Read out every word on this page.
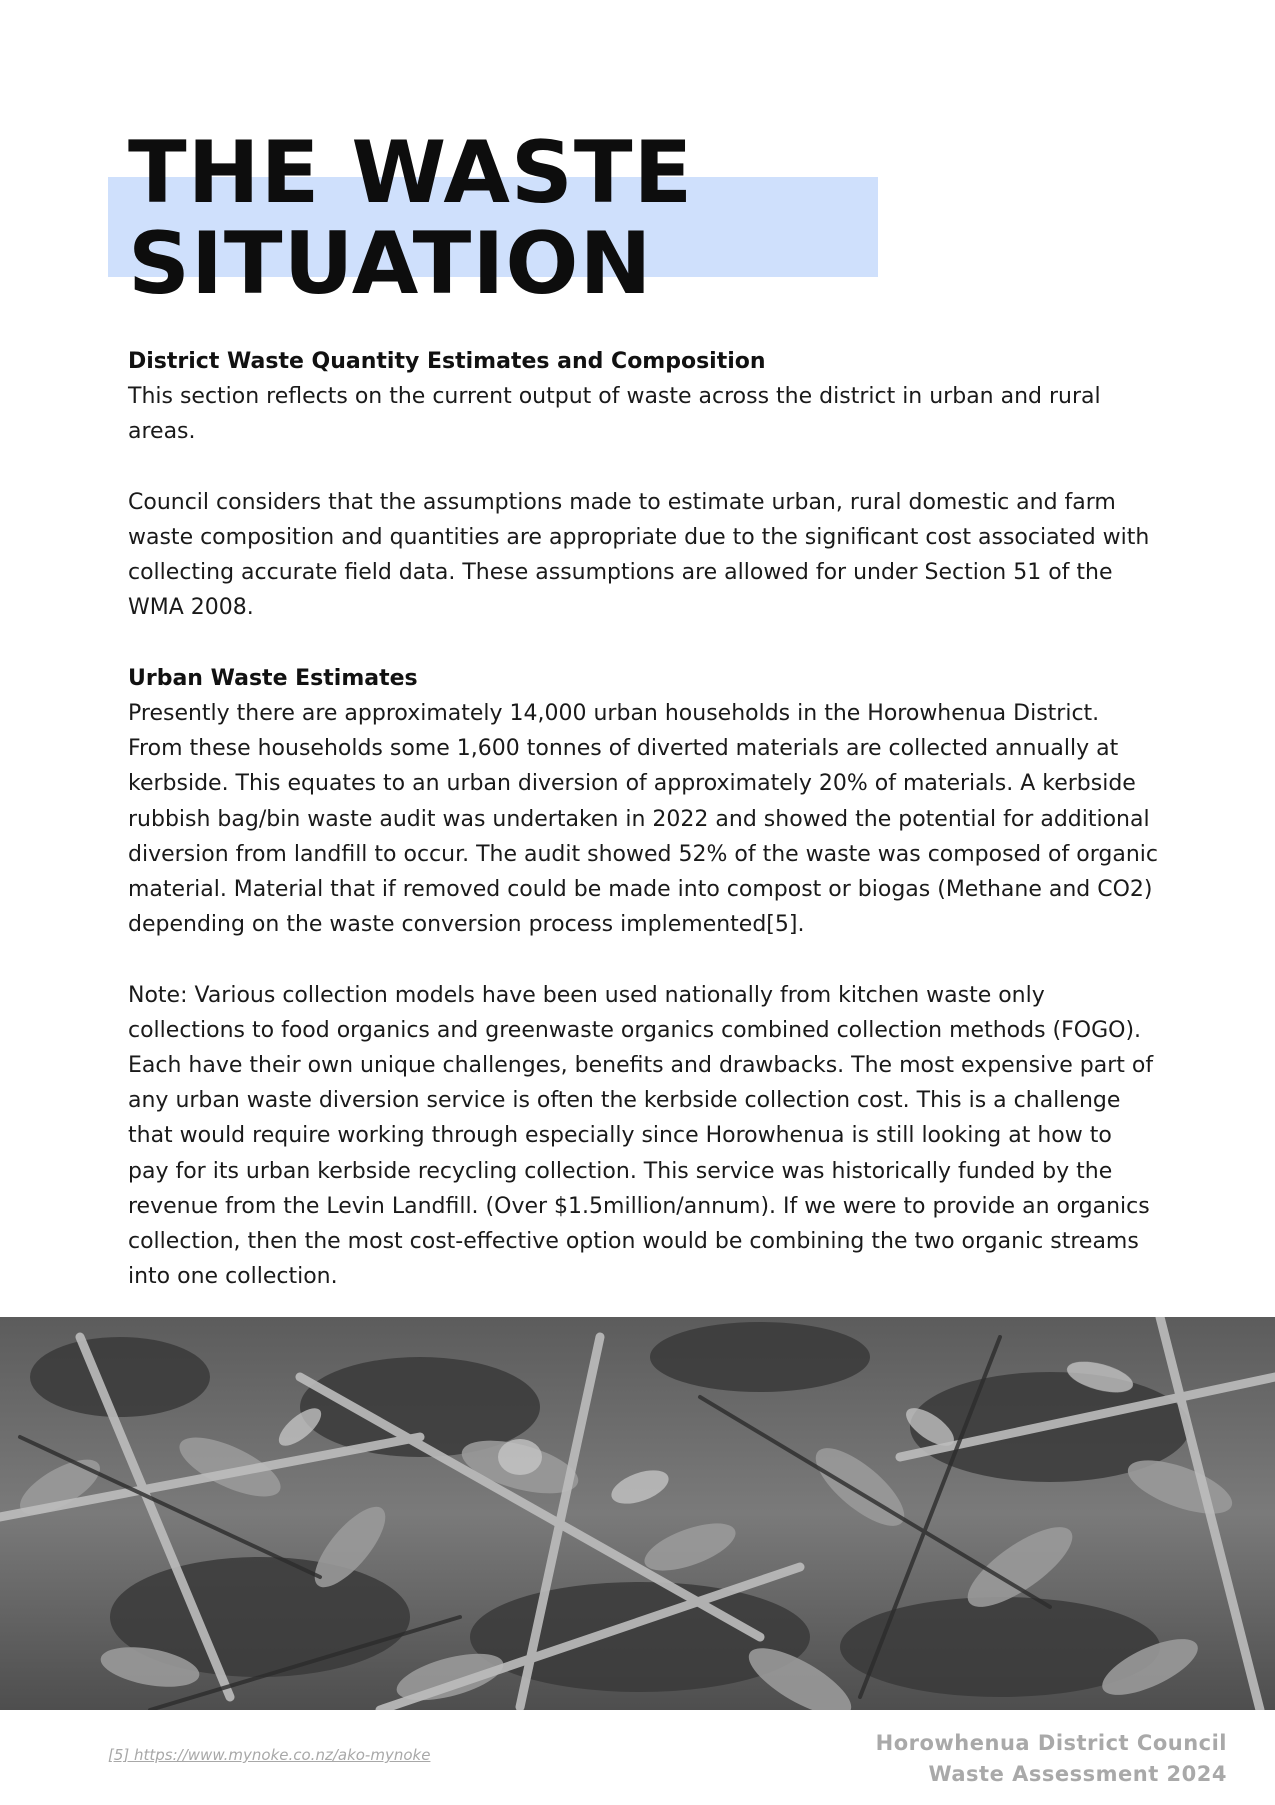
THE WASTE
SITUATION
District Waste Quantity Estimates and Composition

This section reflects on the current output of waste across the district in urban and rural areas.

Council considers that the assumptions made to estimate urban, rural domestic and farm waste composition and quantities are appropriate due to the significant cost associated with collecting accurate field data. These assumptions are allowed for under Section 51 of the WMA 2008.

Urban Waste Estimates

Presently there are approximately 14,000 urban households in the Horowhenua District. From these households some 1,600 tonnes of diverted materials are collected annually at kerbside. This equates to an urban diversion of approximately 20% of materials. A kerbside rubbish bag/bin waste audit was undertaken in 2022 and showed the potential for additional diversion from landfill to occur. The audit showed 52% of the waste was composed of organic material. Material that if removed could be made into compost or biogas (Methane and CO2) depending on the waste conversion process implemented[5].

Note: Various collection models have been used nationally from kitchen waste only collections to food organics and greenwaste organics combined collection methods (FOGO). Each have their own unique challenges, benefits and drawbacks. The most expensive part of any urban waste diversion service is often the kerbside collection cost. This is a challenge that would require working through especially since Horowhenua is still looking at how to pay for its urban kerbside recycling collection. This service was historically funded by the revenue from the Levin Landfill. (Over $1.5million/annum). If we were to provide an organics collection, then the most cost-effective option would be combining the two organic streams into one collection.

[5] https://www.mynoke.co.nz/ako-mynoke	Horowhenua District Council
Waste Assessment 2024
